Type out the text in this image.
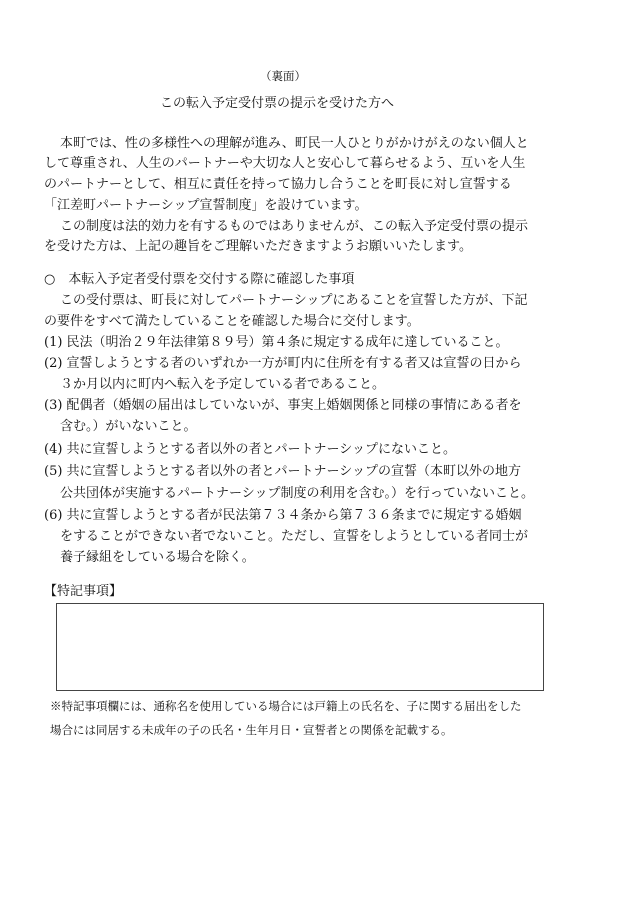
（裏面）
この転入予定受付票の提示を受けた方へ
本町では、性の多様性への理解が進み、町民一人ひとりがかけがえのない個人と
して尊重され、人生のパートナーや大切な人と安心して暮らせるよう、互いを人生
のパートナーとして、相互に責任を持って協力し合うことを町長に対し宣誓する
「江差町パートナーシップ宣誓制度」を設けています。
この制度は法的効力を有するものではありませんが、この転入予定受付票の提示
を受けた方は、上記の趣旨をご理解いただきますようお願いいたします。
○　本転入予定者受付票を交付する際に確認した事項
この受付票は、町長に対してパートナーシップにあることを宣誓した方が、下記
の要件をすべて満たしていることを確認した場合に交付します。
(1) 民法（明治２９年法律第８９号）第４条に規定する成年に達していること。
(2) 宣誓しようとする者のいずれか一方が町内に住所を有する者又は宣誓の日から
３か月以内に町内へ転入を予定している者であること。
(3) 配偶者（婚姻の届出はしていないが、事実上婚姻関係と同様の事情にある者を
含む。）がいないこと。
(4) 共に宣誓しようとする者以外の者とパートナーシップにないこと。
(5) 共に宣誓しようとする者以外の者とパートナーシップの宣誓（本町以外の地方
公共団体が実施するパートナーシップ制度の利用を含む。）を行っていないこと。
(6) 共に宣誓しようとする者が民法第７３４条から第７３６条までに規定する婚姻
をすることができない者でないこと。ただし、宣誓をしようとしている者同士が
養子縁組をしている場合を除く。
【特記事項】
※特記事項欄には、通称名を使用している場合には戸籍上の氏名を、子に関する届出をした
場合には同居する未成年の子の氏名・生年月日・宣誓者との関係を記載する。
